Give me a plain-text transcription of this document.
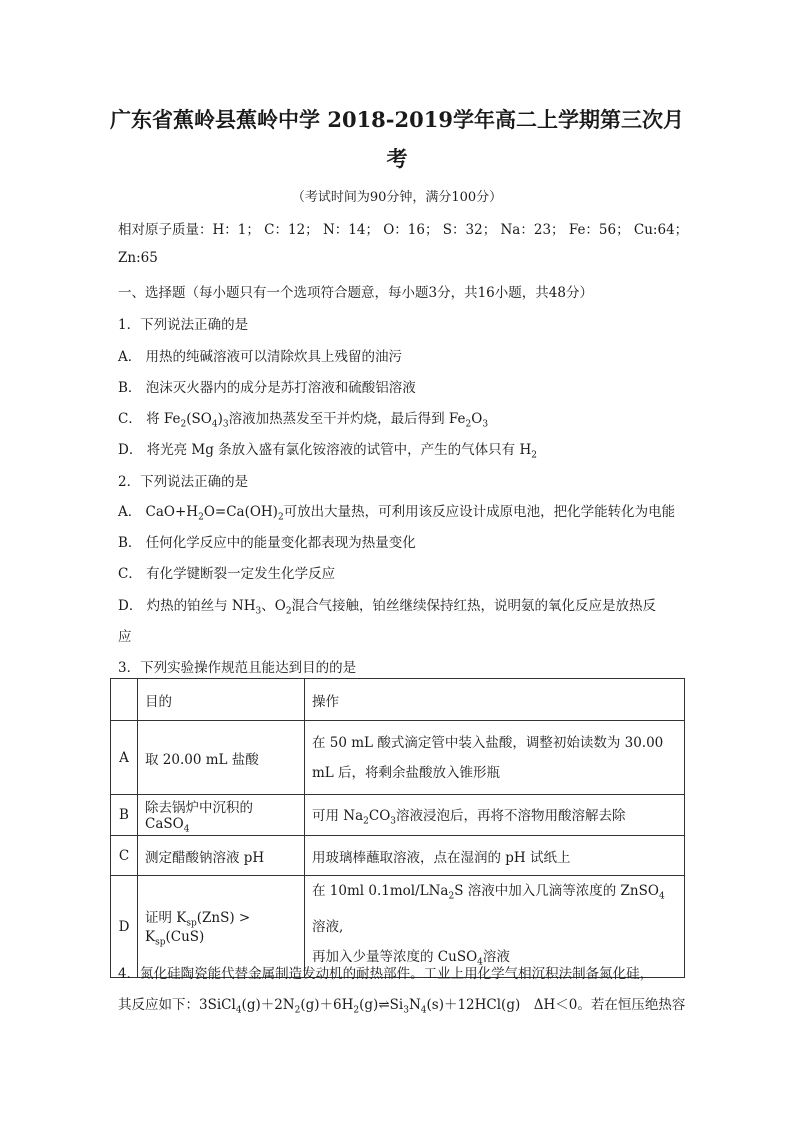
广东省蕉岭县蕉岭中学 2018-2019学年高二上学期第三次月
考
（考试时间为90分钟，满分100分）
相对原子质量：H：1； C：12； N：14； O：16； S：32； Na：23； Fe：56； Cu:64；
Zn:65
一、选择题（每小题只有一个选项符合题意，每小题3分，共16小题，共48分）
1．下列说法正确的是
A． 用热的纯碱溶液可以清除炊具上残留的油污
B． 泡沫灭火器内的成分是苏打溶液和硫酸铝溶液
C． 将 $Fe_2(SO_4)_3$溶液加热蒸发至干并灼烧，最后得到 $Fe_2O_3$
D． 将光亮 Mg 条放入盛有氯化铵溶液的试管中，产生的气体只有 $H_2$
2．下列说法正确的是
A． $CaO+H_2O=Ca(OH)_2$可放出大量热，可利用该反应设计成原电池，把化学能转化为电能
B． 任何化学反应中的能量变化都表现为热量变化
C． 有化学键断裂一定发生化学反应
D． 灼热的铂丝与 $NH_3$、$O_2$混合气接触，铂丝继续保持红热，说明氨的氧化反应是放热反
应
3．下列实验操作规范且能达到目的的是
	目的	操作
A	取 20.00 mL 盐酸	在 50 mL 酸式滴定管中装入盐酸，调整初始读数为 30.00
mL 后，将剩余盐酸放入锥形瓶
B	除去锅炉中沉积的 CaSO$_4$	可用 $Na_2CO_3$溶液浸泡后，再将不溶物用酸溶解去除
C	测定醋酸钠溶液 pH	用玻璃棒蘸取溶液，点在湿润的 pH 试纸上
D	证明 $K_{sp}(ZnS) > K_{sp}(CuS)$	在 10ml 0.1mol/LNa$_2$S 溶液中加入几滴等浓度的 ZnSO$_4$溶液,
再加入少量等浓度的 CuSO$_4$溶液
4．氮化硅陶瓷能代替金属制造发动机的耐热部件。工业上用化学气相沉积法制备氮化硅，
其反应如下：$3SiCl_4(g)+2N_2(g)+6H_2(g)\rightleftharpoons Si_3N_4(s)+12HCl(g)$　ΔH＜0。若在恒压绝热容
